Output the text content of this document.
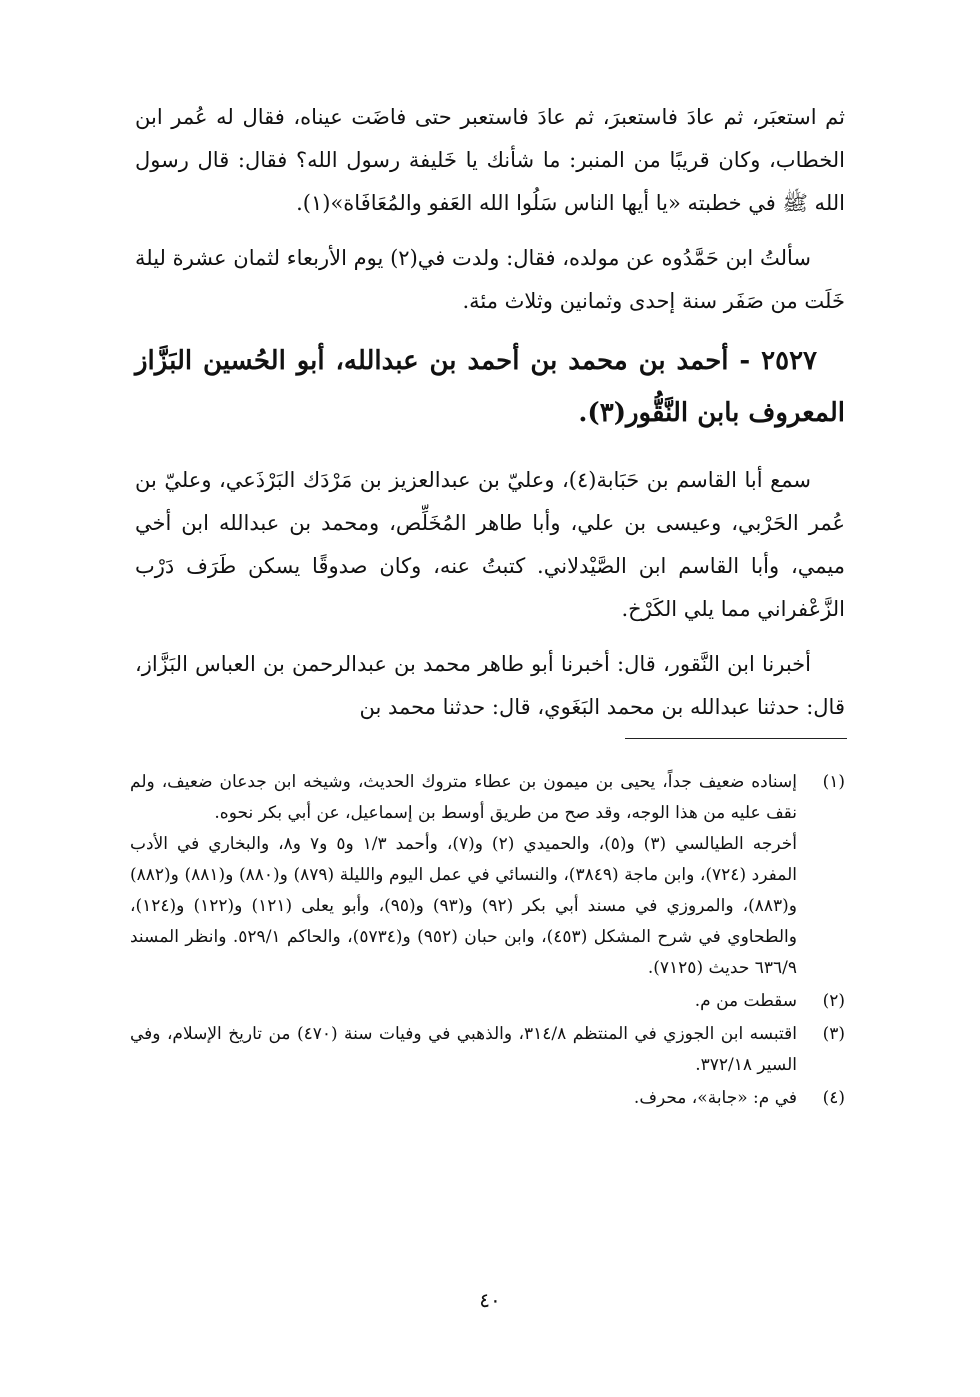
ثم استعبَر، ثم عادَ فاستعبرَ، ثم عادَ فاستعبر حتى فاضَت عيناه، فقال له عُمر ابن الخطاب، وكان قريبًا من المنبر: ما شأنك يا خَليفة رسول الله؟ فقال: قال رسول الله ﷺ في خطبته «يا أيها الناس سَلُوا الله العَفو والمُعَافَاة»(١).

سألتُ ابن حَمَّدُوه عن مولده، فقال: ولدت في(٢) يوم الأربعاء لثمان عشرة ليلة خَلَت من صَفَر سنة إحدى وثمانين وثلاث مئة.

٢٥٢٧ - أحمد بن محمد بن أحمد بن عبدالله، أبو الحُسين البَزَّاز المعروف بابن النَّقُّور(٣).

سمع أبا القاسم بن حَبَابة(٤)، وعليّ بن عبدالعزيز بن مَرْدَك البَرْذَعي، وعليّ بن عُمر الحَرْبي، وعيسى بن علي، وأبا طاهر المُخَلِّص، ومحمد بن عبدالله ابن أخي ميمي، وأبا القاسم ابن الصَّيْدلاني. كتبتُ عنه، وكان صدوقًا يسكن طَرَف دَرْب الزَّعْفراني مما يلي الكَرْخ.

أخبرنا ابن النَّقور، قال: أخبرنا أبو طاهر محمد بن عبدالرحمن بن العباس البَزَّاز، قال: حدثنا عبدالله بن محمد البَغَوي، قال: حدثنا محمد بن

(١)

إسناده ضعيف جداً، يحيى بن ميمون بن عطاء متروك الحديث، وشيخه ابن جدعان ضعيف، ولم نقف عليه من هذا الوجه، وقد صح من طريق أوسط بن إسماعيل، عن أبي بكر نحوه.

أخرجه الطيالسي (٣) و(٥)، والحميدي (٢) و(٧)، وأحمد ١/٣ و٥ و٧ و٨، والبخاري في الأدب المفرد (٧٢٤)، وابن ماجة (٣٨٤٩)، والنسائي في عمل اليوم والليلة (٨٧٩) و(٨٨٠) و(٨٨١) و(٨٨٢) و(٨٨٣)، والمروزي في مسند أبي بكر (٩٢) و(٩٣) و(٩٥)، وأبو يعلى (١٢١) و(١٢٢) و(١٢٤)، والطحاوي في شرح المشكل (٤٥٣)، وابن حبان (٩٥٢) و(٥٧٣٤)، والحاكم ٥٢٩/١. وانظر المسند ٦٣٦/٩ حديث (٧١٢٥).

(٢)

سقطت من م.

(٣)

اقتبسه ابن الجوزي في المنتظم ٣١٤/٨، والذهبي في وفيات سنة (٤٧٠) من تاريخ الإسلام، وفي السير ٣٧٢/١٨.

(٤)

في م: «جابة»، محرف.

٤٠
